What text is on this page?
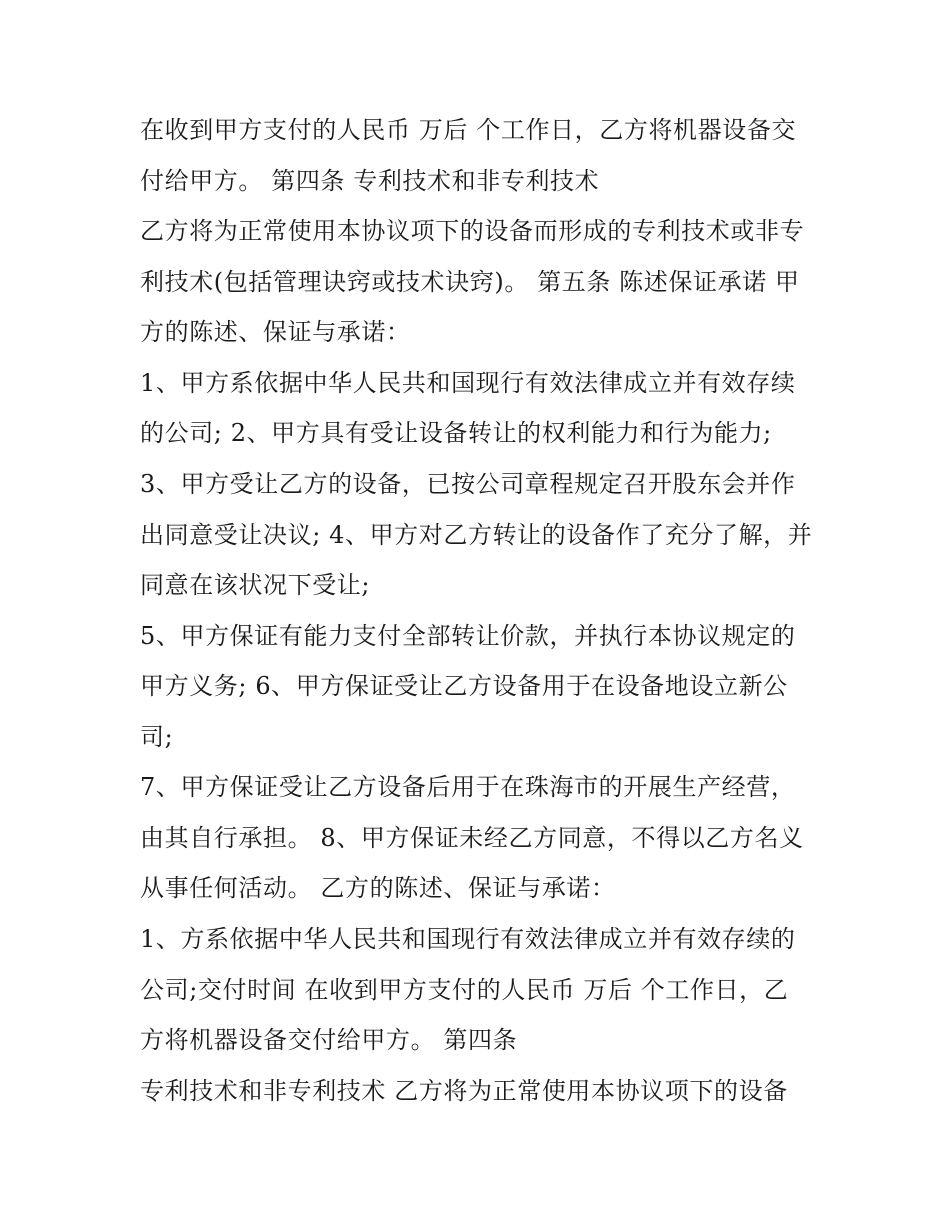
在收到甲方支付的人民币 万后 个工作日，乙方将机器设备交
付给甲方。 第四条 专利技术和非专利技术
乙方将为正常使用本协议项下的设备而形成的专利技术或非专
利技术(包括管理诀窍或技术诀窍)。 第五条 陈述保证承诺 甲
方的陈述、保证与承诺：
1、甲方系依据中华人民共和国现行有效法律成立并有效存续
的公司; 2、甲方具有受让设备转让的权利能力和行为能力;
3、甲方受让乙方的设备，已按公司章程规定召开股东会并作
出同意受让决议; 4、甲方对乙方转让的设备作了充分了解，并
同意在该状况下受让;
5、甲方保证有能力支付全部转让价款，并执行本协议规定的
甲方义务; 6、甲方保证受让乙方设备用于在设备地设立新公
司;
7、甲方保证受让乙方设备后用于在珠海市的开展生产经营，
由其自行承担。 8、甲方保证未经乙方同意，不得以乙方名义
从事任何活动。 乙方的陈述、保证与承诺：
1、方系依据中华人民共和国现行有效法律成立并有效存续的
公司;交付时间 在收到甲方支付的人民币 万后 个工作日，乙
方将机器设备交付给甲方。 第四条
专利技术和非专利技术 乙方将为正常使用本协议项下的设备
